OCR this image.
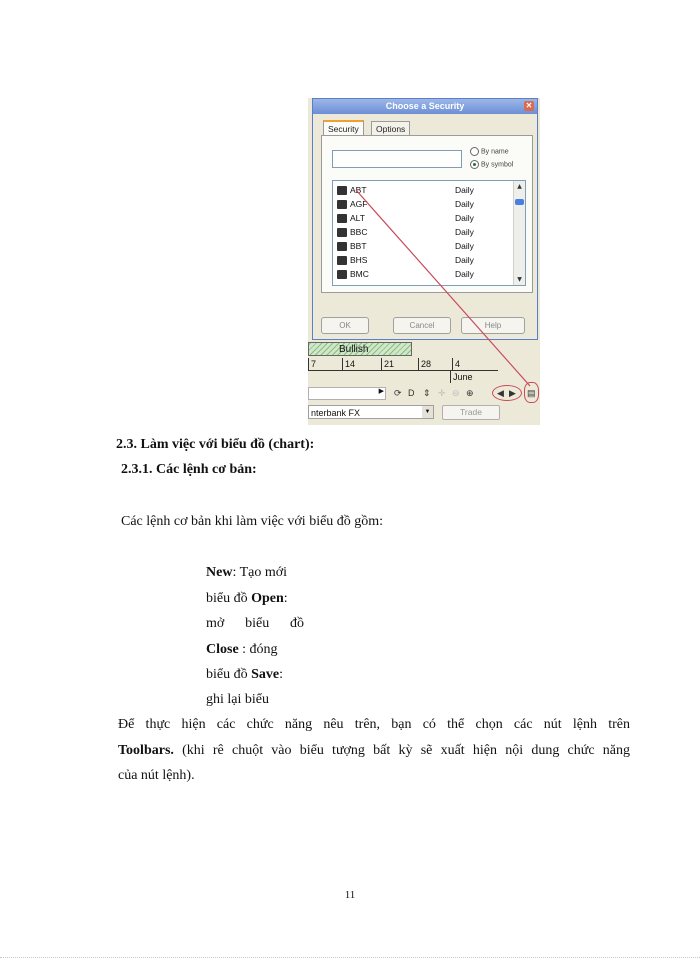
Choose a Security	✕
Security	Options
By name
By symbol
ABT	Daily
AGF	Daily
ALT	Daily
BBC	Daily
BBT	Daily
BHS	Daily
BMC	Daily
▲
▼
OK	Cancel	Help
Bullish
7	14	21	28	4
June
▶ ⟳ D ⇕ ✛ ⊖ ⊕	◀ ▶ ▤
nterbank FX	▼	Trade
2.3. Làm việc với biểu đồ (chart):
2.3.1. Các lệnh cơ bản:
Các lệnh cơ bản khi làm việc với biểu đồ gồm:
New: Tạo mới
biểu đồ Open:
mở biểu đồ
Close : đóng
biểu đồ Save:
ghi lại biểu
Để thực hiện các chức năng nêu trên, bạn có thể chọn các nút lệnh trên
Toolbars. (khi rê chuột vào biểu tượng bất kỳ sẽ xuất hiện nội dung chức năng
của nút lệnh).
11
